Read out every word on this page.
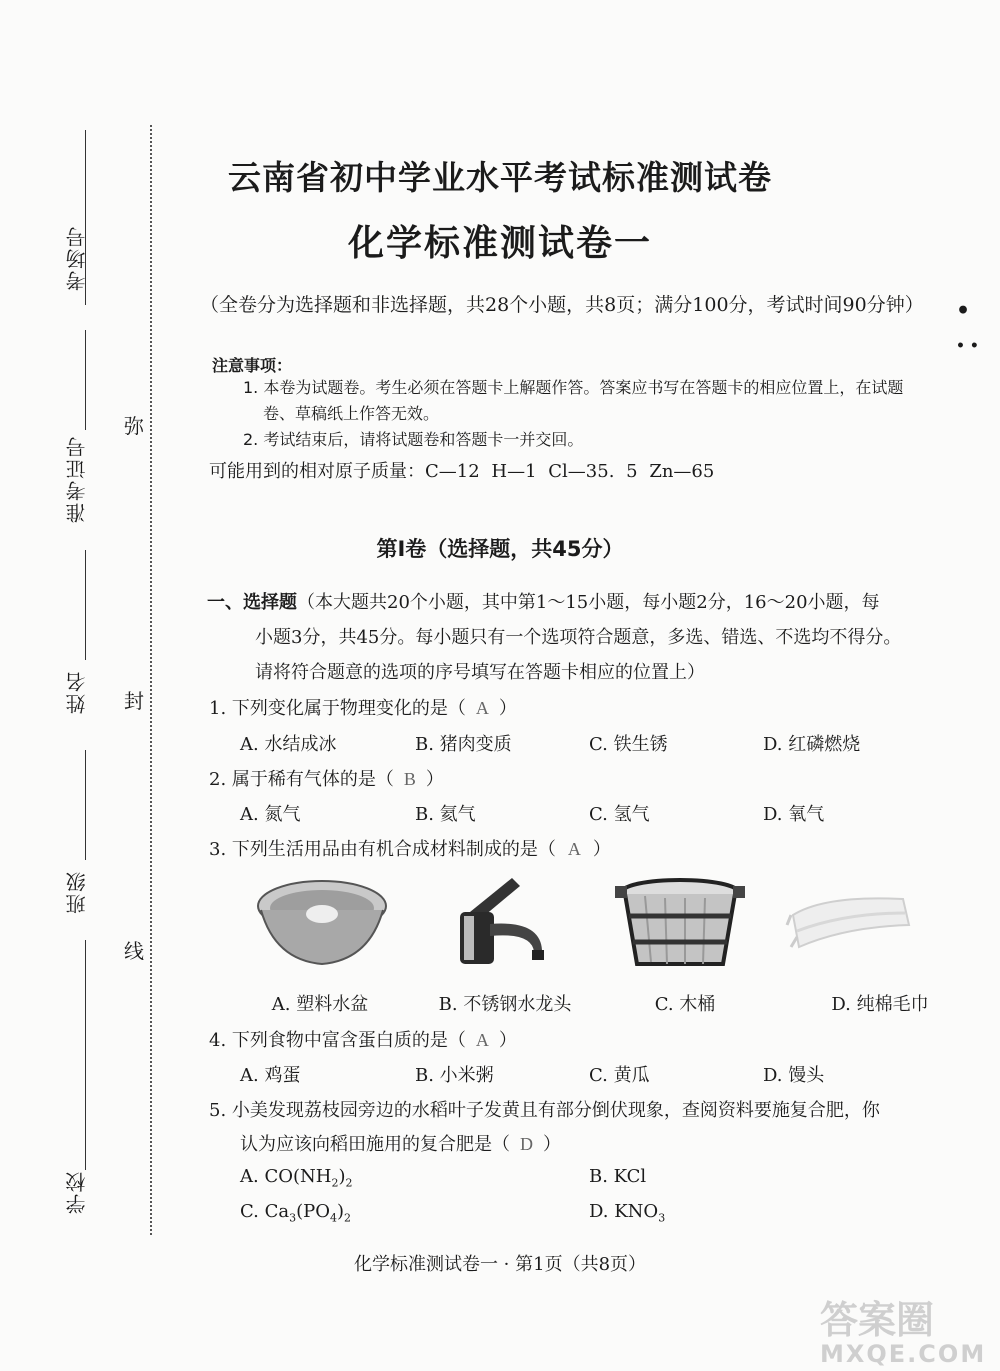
考场号
准考证号
姓名
班级
学校
弥
封
线
云南省初中学业水平考试标准测试卷
化学标准测试卷一
（全卷分为选择题和非选择题，共28个小题，共8页；满分100分，考试时间90分钟） •
• •
注意事项：
1. 本卷为试题卷。考生必须在答题卡上解题作答。答案应书写在答题卡的相应位置上，在试题
卷、草稿纸上作答无效。
2. 考试结束后，请将试题卷和答题卡一并交回。
可能用到的相对原子质量：C—12 H—1 Cl—35. 5 Zn—65
第Ⅰ卷（选择题，共45分）
一、选择题（本大题共20个小题，其中第1～15小题，每小题2分，16～20小题，每
小题3分，共45分。每小题只有一个选项符合题意，多选、错选、不选均不得分。
请将符合题意的选项的序号填写在答题卡相应的位置上）
1. 下列变化属于物理变化的是（ A ）
A. 水结成冰	B. 猪肉变质	C. 铁生锈	D. 红磷燃烧
2. 属于稀有气体的是（ B ）
A. 氮气	B. 氦气	C. 氢气	D. 氧气
3. 下列生活用品由有机合成材料制成的是（ A ）
A. 塑料水盆	B. 不锈钢水龙头	C. 木桶	D. 纯棉毛巾
4. 下列食物中富含蛋白质的是（ A ）
A. 鸡蛋	B. 小米粥	C. 黄瓜	D. 馒头
5. 小美发现荔枝园旁边的水稻叶子发黄且有部分倒伏现象，查阅资料要施复合肥，你
认为应该向稻田施用的复合肥是（ D ）
A. $CO(NH_2)_2$	B. KCl
C. $Ca_3(PO_4)_2$	D. $KNO_3$
化学标准测试卷一 · 第1页（共8页）
答案圈
MXQE.COM
